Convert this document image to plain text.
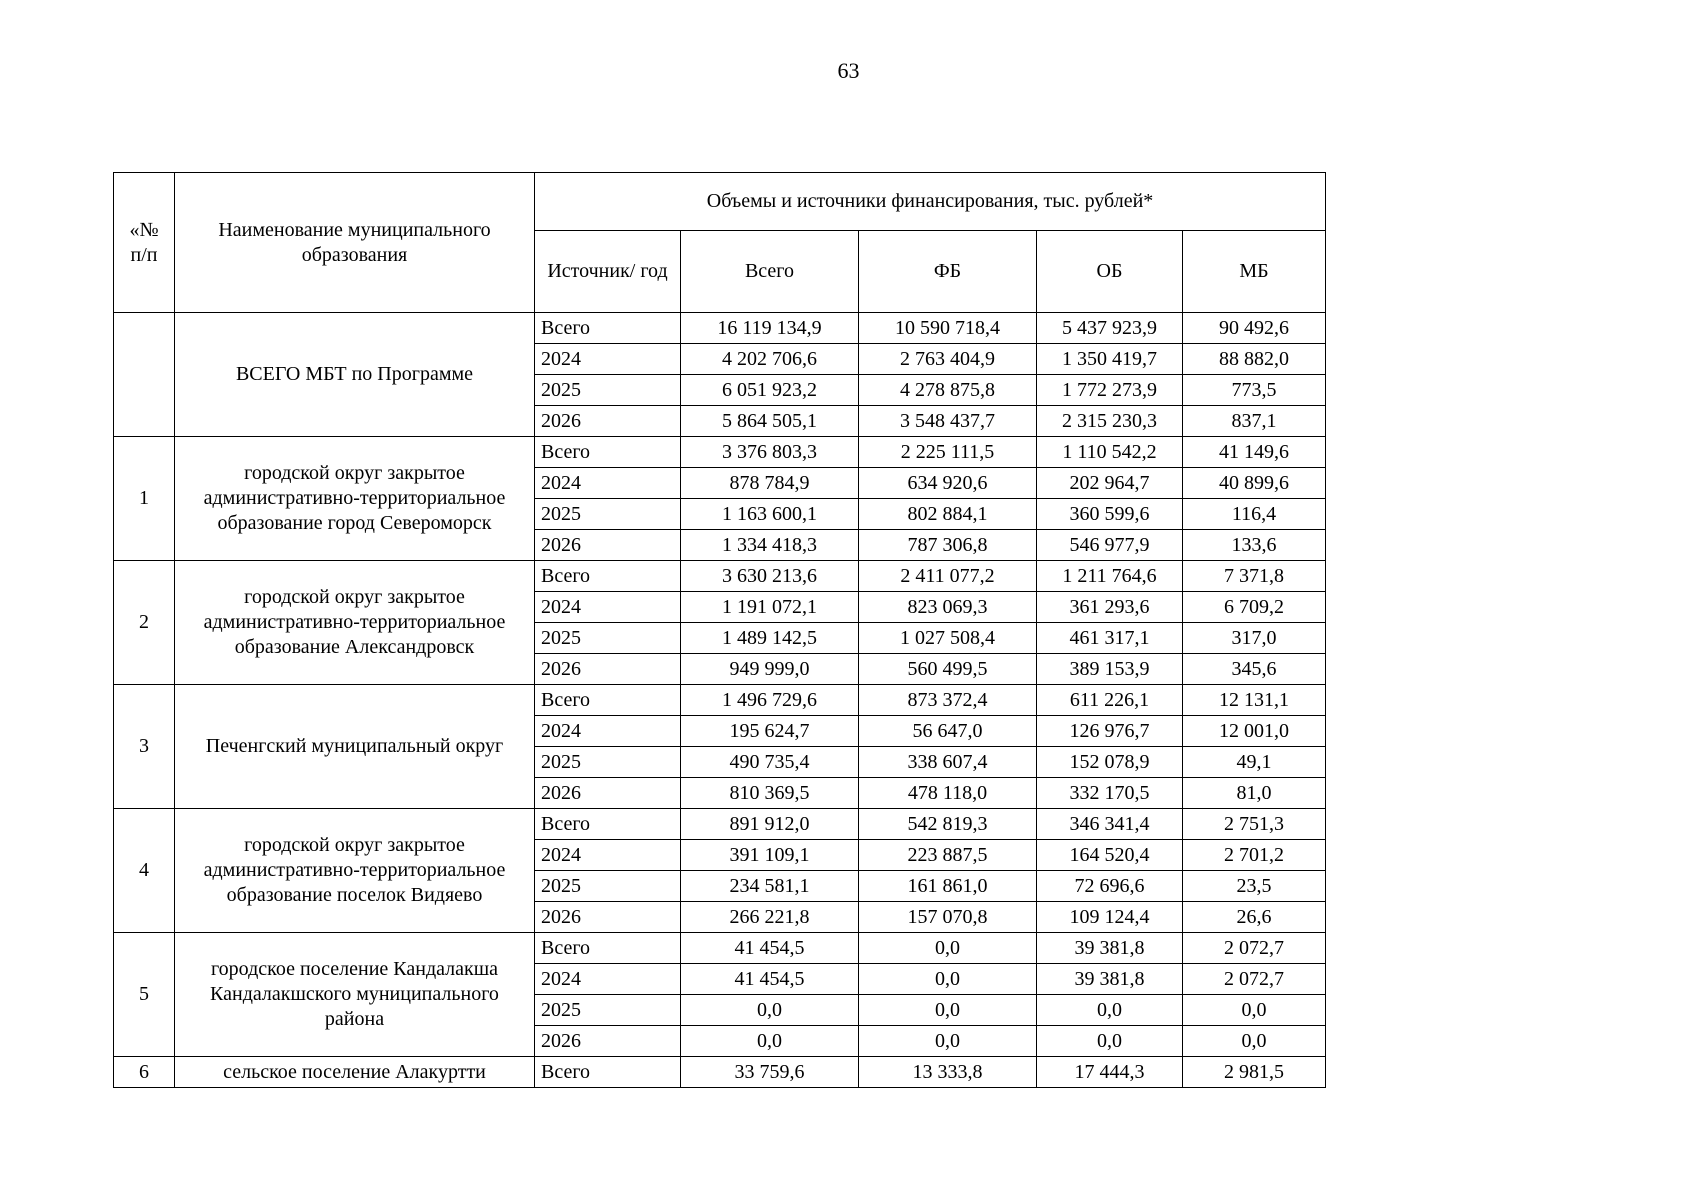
63
«№ п/п	Наименование муниципального образования	Объемы и источники финансирования, тыс. рублей*				
		Источник/ год	Всего	ФБ	ОБ	МБ
	ВСЕГО МБТ по Программе	Всего	16 119 134,9	10 590 718,4	5 437 923,9	90 492,6
		2024	4 202 706,6	2 763 404,9	1 350 419,7	88 882,0
		2025	6 051 923,2	4 278 875,8	1 772 273,9	773,5
		2026	5 864 505,1	3 548 437,7	2 315 230,3	837,1
1	городской округ закрытое административно-территориальное образование город Североморск	Всего	3 376 803,3	2 225 111,5	1 110 542,2	41 149,6
		2024	878 784,9	634 920,6	202 964,7	40 899,6
		2025	1 163 600,1	802 884,1	360 599,6	116,4
		2026	1 334 418,3	787 306,8	546 977,9	133,6
2	городской округ закрытое административно-территориальное образование Александровск	Всего	3 630 213,6	2 411 077,2	1 211 764,6	7 371,8
		2024	1 191 072,1	823 069,3	361 293,6	6 709,2
		2025	1 489 142,5	1 027 508,4	461 317,1	317,0
		2026	949 999,0	560 499,5	389 153,9	345,6
3	Печенгский муниципальный округ	Всего	1 496 729,6	873 372,4	611 226,1	12 131,1
		2024	195 624,7	56 647,0	126 976,7	12 001,0
		2025	490 735,4	338 607,4	152 078,9	49,1
		2026	810 369,5	478 118,0	332 170,5	81,0
4	городской округ закрытое административно-территориальное образование поселок Видяево	Всего	891 912,0	542 819,3	346 341,4	2 751,3
		2024	391 109,1	223 887,5	164 520,4	2 701,2
		2025	234 581,1	161 861,0	72 696,6	23,5
		2026	266 221,8	157 070,8	109 124,4	26,6
5	городское поселение Кандалакша Кандалакшского муниципального района	Всего	41 454,5	0,0	39 381,8	2 072,7
		2024	41 454,5	0,0	39 381,8	2 072,7
		2025	0,0	0,0	0,0	0,0
		2026	0,0	0,0	0,0	0,0
6	сельское поселение Алакуртти	Всего	33 759,6	13 333,8	17 444,3	2 981,5
